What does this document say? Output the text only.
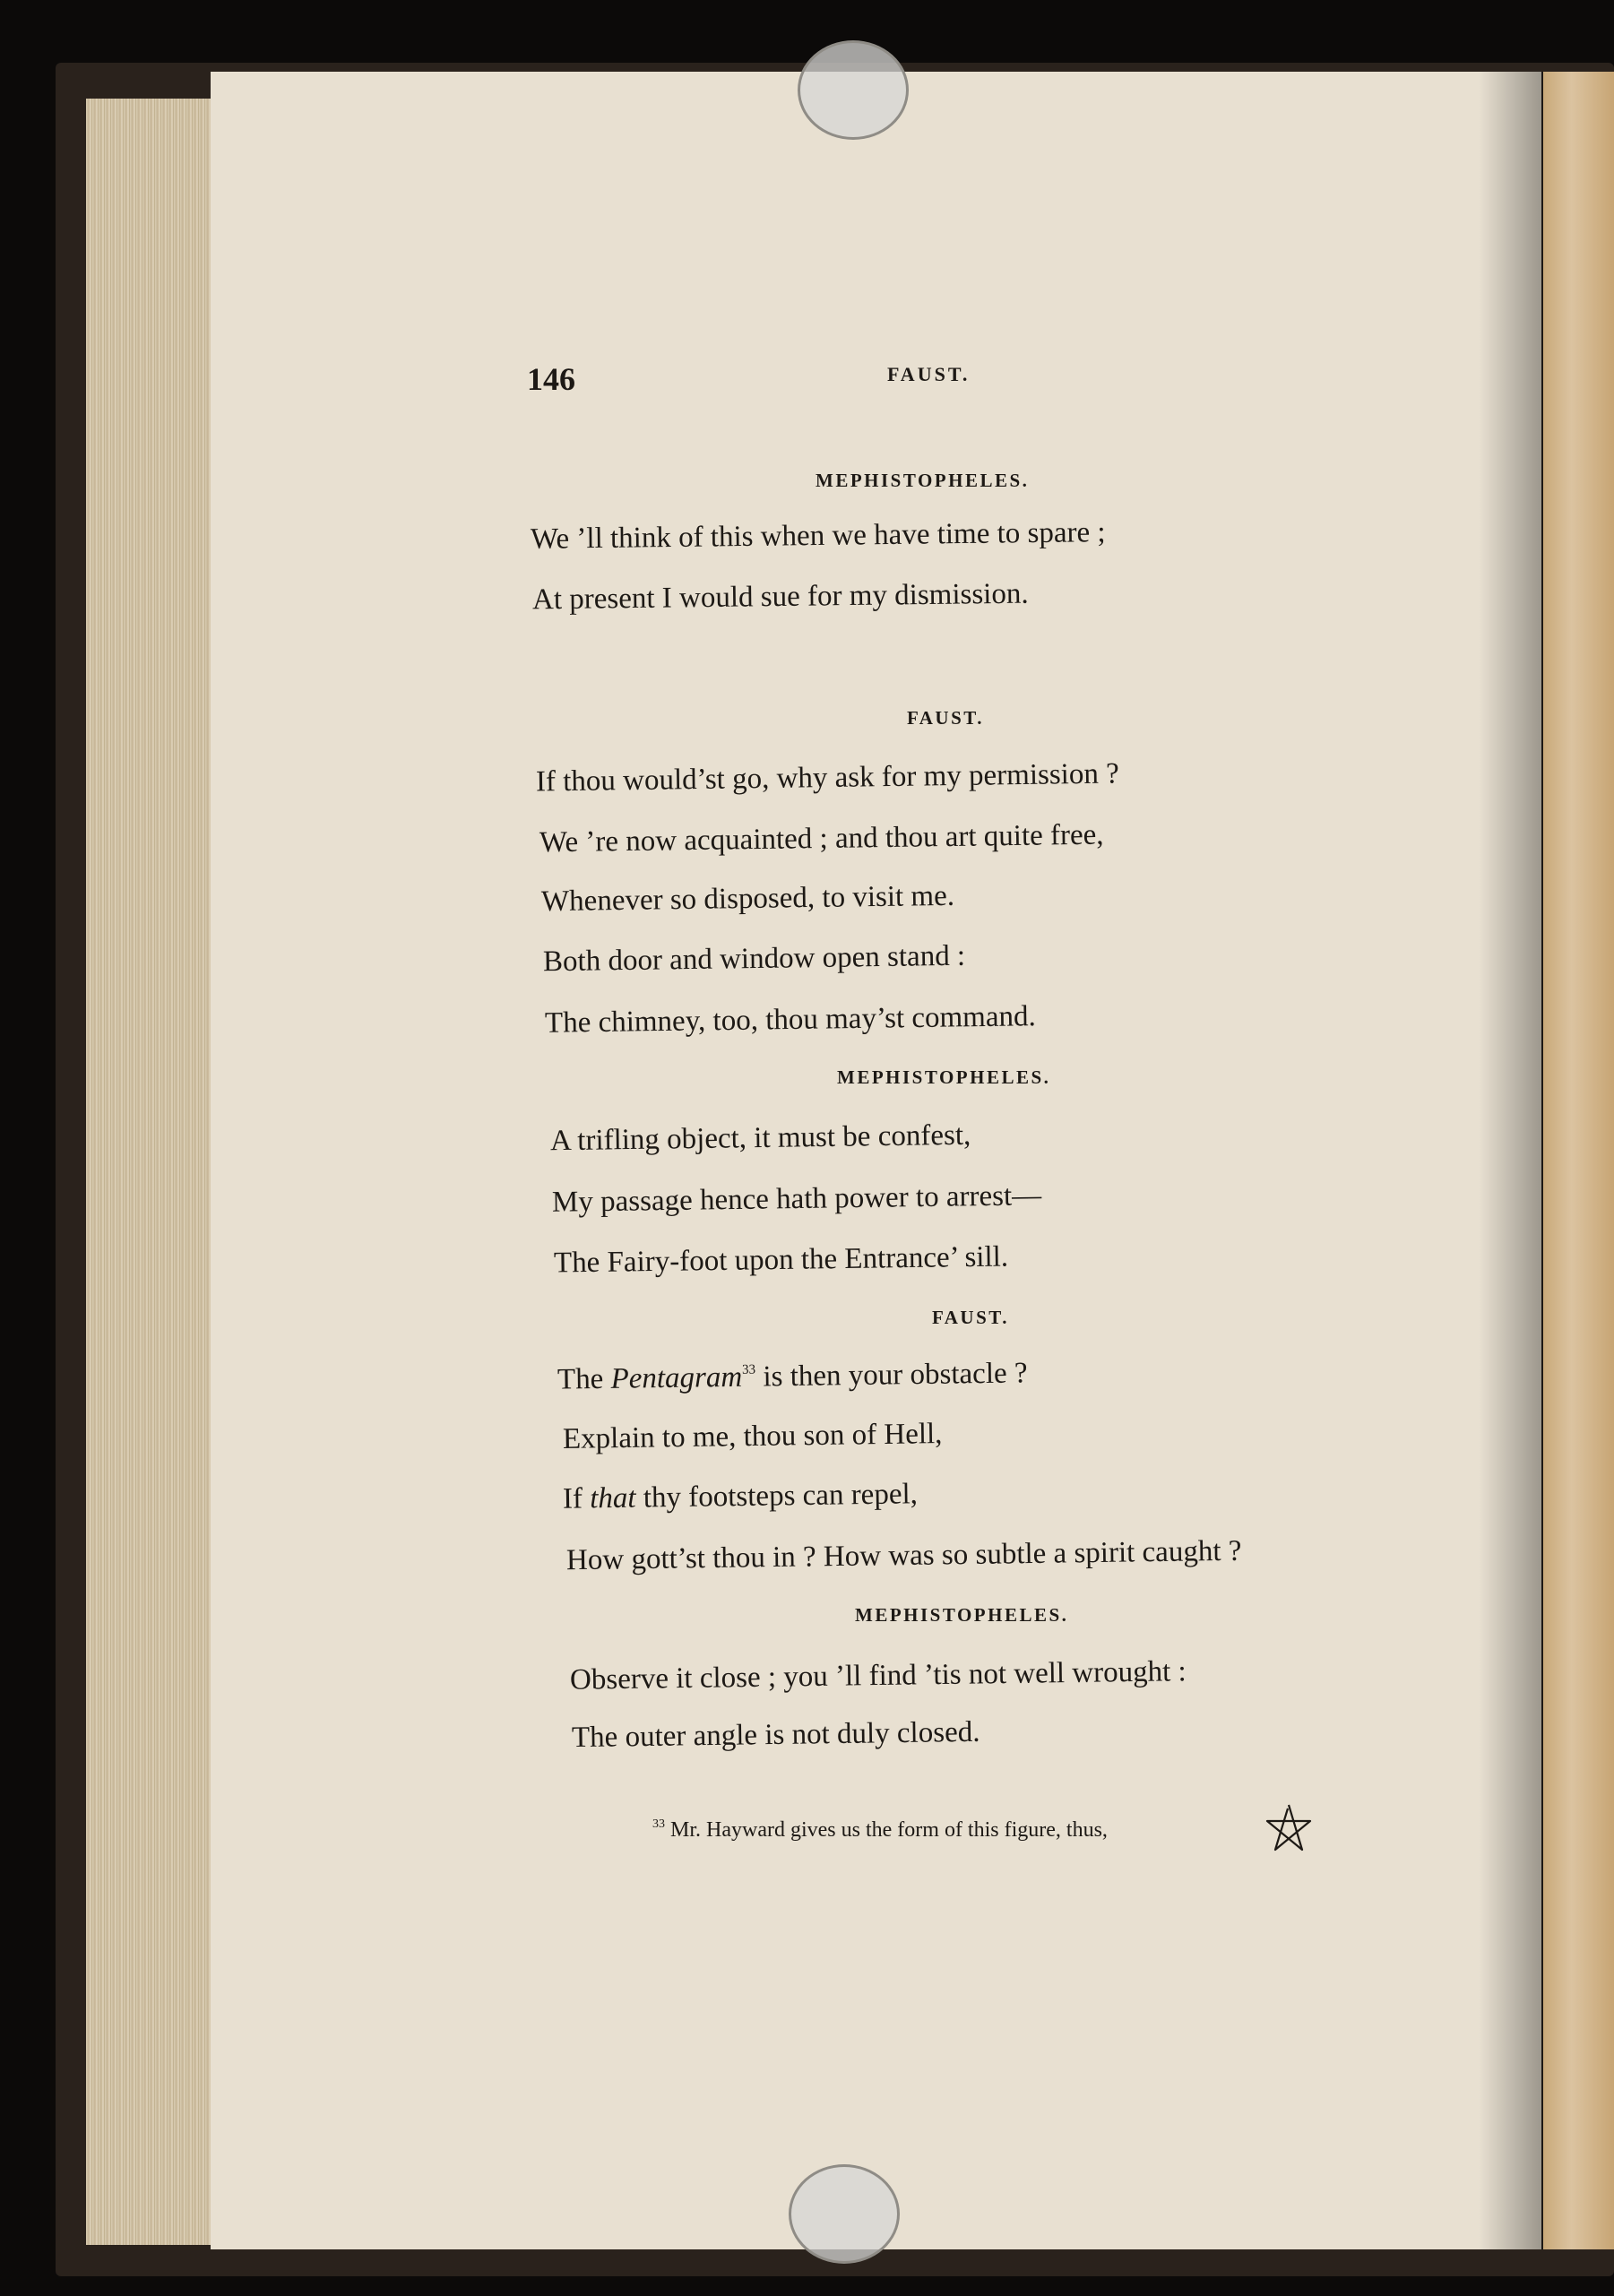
146	FAUST.
MEPHISTOPHELES.
We ’ll think of this when we have time to spare ;
At present I would sue for my dismission.
FAUST.
If thou would’st go, why ask for my permission ?
We ’re now acquainted ; and thou art quite free,
Whenever so disposed, to visit me.
Both door and window open stand :
The chimney, too, thou may’st command.
MEPHISTOPHELES.
A trifling object, it must be confest,
My passage hence hath power to arrest—
The Fairy-foot upon the Entrance’ sill.
FAUST.
The Pentagram$^{33}$ is then your obstacle ?
Explain to me, thou son of Hell,
If that thy footsteps can repel,
How gott’st thou in ? How was so subtle a spirit caught ?
MEPHISTOPHELES.
Observe it close ; you ’ll find ’tis not well wrought :
The outer angle is not duly closed.
$^{33}$ Mr. Hayward gives us the form of this figure, thus,
